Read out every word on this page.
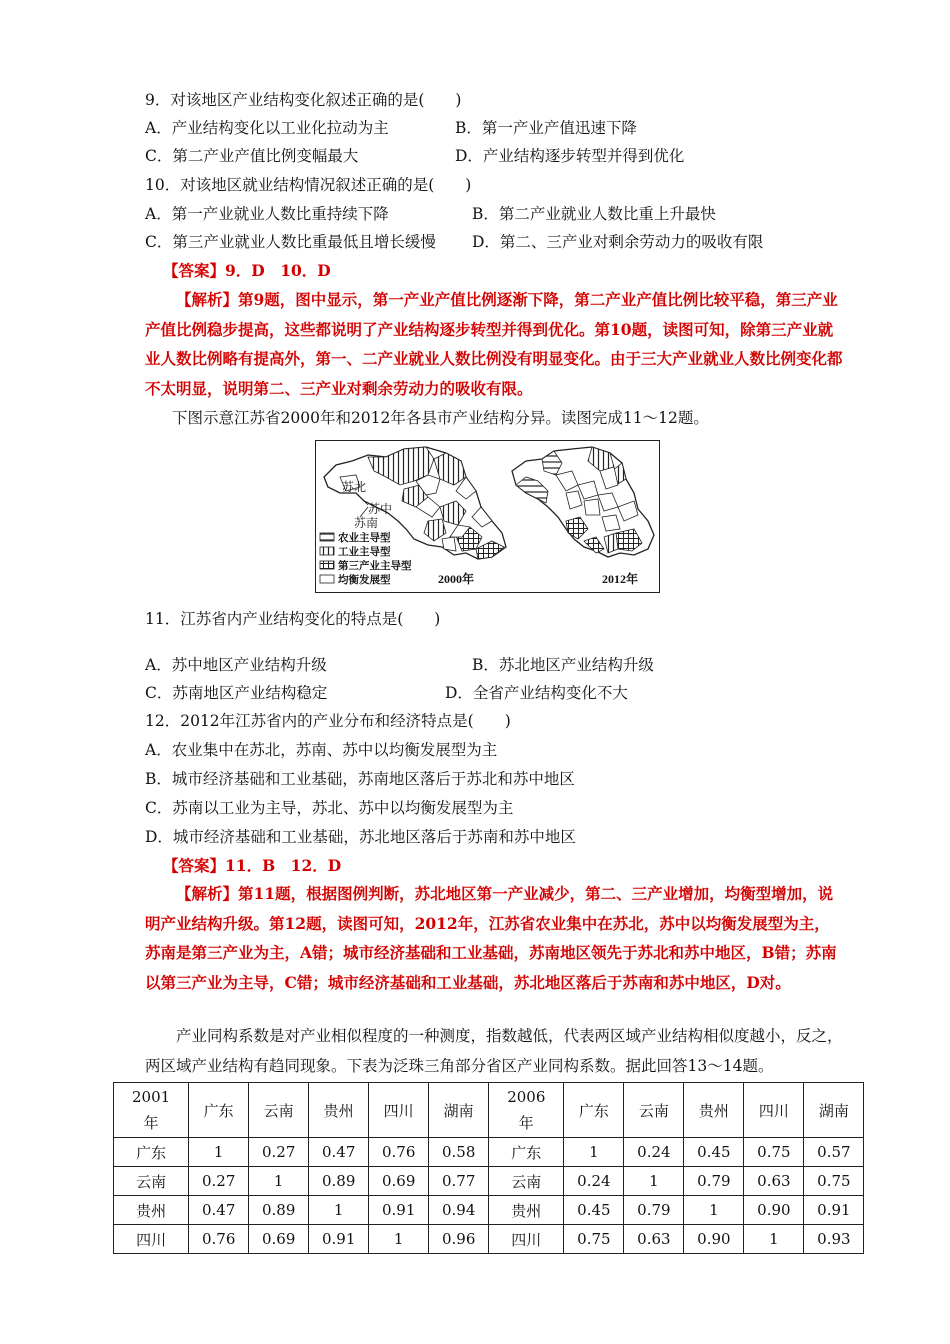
9．对该地区产业结构变化叙述正确的是(　　)
A．产业结构变化以工业化拉动为主	B．第一产业产值迅速下降
C．第二产业产值比例变幅最大	D．产业结构逐步转型并得到优化
10．对该地区就业结构情况叙述正确的是(　　)
A．第一产业就业人数比重持续下降	B．第二产业就业人数比重上升最快
C．第三产业就业人数比重最低且增长缓慢 D．第二、三产业对剩余劳动力的吸收有限
【答案】9．D　10．D
【解析】第9题，图中显示，第一产业产值比例逐渐下降，第二产业产值比例比较平稳，第三产业产值比例稳步提高，这些都说明了产业结构逐步转型并得到优化。第10题，读图可知，除第三产业就业人数比例略有提高外，第一、二产业就业人数比例没有明显变化。由于三大产业就业人数比例变化都不太明显，说明第二、三产业对剩余劳动力的吸收有限。
下图示意江苏省2000年和2012年各县市产业结构分异。读图完成11～12题。
苏北
苏中
苏南
农业主导型
工业主导型
第三产业主导型
均衡发展型	2000年	2012年
11．江苏省内产业结构变化的特点是(　　)
A．苏中地区产业结构升级	B．苏北地区产业结构升级
C．苏南地区产业结构稳定	D．全省产业结构变化不大
12．2012年江苏省内的产业分布和经济特点是(　　)
A．农业集中在苏北，苏南、苏中以均衡发展型为主
B．城市经济基础和工业基础，苏南地区落后于苏北和苏中地区
C．苏南以工业为主导，苏北、苏中以均衡发展型为主
D．城市经济基础和工业基础，苏北地区落后于苏南和苏中地区
【答案】11．B　12．D
【解析】第11题，根据图例判断，苏北地区第一产业减少，第二、三产业增加，均衡型增加，说明产业结构升级。第12题，读图可知，2012年，江苏省农业集中在苏北，苏中以均衡发展型为主，苏南是第三产业为主，A错；城市经济基础和工业基础，苏南地区领先于苏北和苏中地区，B错；苏南以第三产业为主导，C错；城市经济基础和工业基础，苏北地区落后于苏南和苏中地区，D对。
产业同构系数是对产业相似程度的一种测度，指数越低，代表两区域产业结构相似度越小，反之，两区域产业结构有趋同现象。下表为泛珠三角部分省区产业同构系数。据此回答13～14题。
2001年	广东	云南	贵州	四川	湖南	2006年	广东	云南	贵州	四川	湖南
广东	1	0.27	0.47	0.76	0.58	广东	1	0.24	0.45	0.75	0.57
云南	0.27	1	0.89	0.69	0.77	云南	0.24	1	0.79	0.63	0.75
贵州	0.47	0.89	1	0.91	0.94	贵州	0.45	0.79	1	0.90	0.91
四川	0.76	0.69	0.91	1	0.96	四川	0.75	0.63	0.90	1	0.93
